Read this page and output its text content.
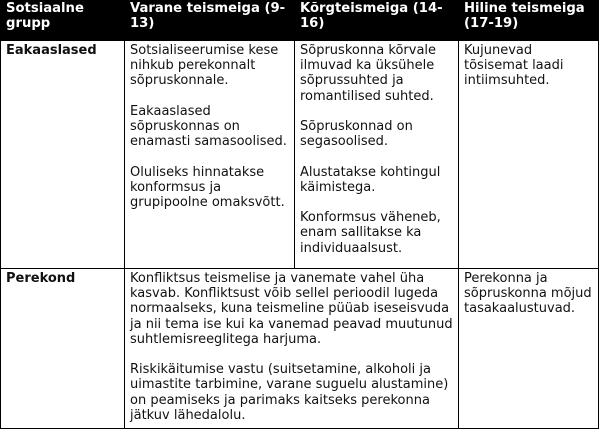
Sotsiaalne grupp
Varane teismeiga (9-13)
Kõrgteismeiga (14-16)
Hiline teismeiga (17-19)
Eakaaslased	Sotsialiseerumise kese nihkub perekonnalt sõpruskonnale.

Eakaaslased sõpruskonnas on enamasti samasoolised.

Oluliseks hinnatakse konformsus ja grupipoolne omaksvõtt.

Sõpruskonna kõrvale ilmuvad ka üksühele sõprussuhted ja romantilised suhted.

Sõpruskonnad on segasoolised.

Alustatakse kohtingul käimistega.

Konformsus väheneb, enam sallitakse ka individuaalsust.

Kujunevad tõsisemat laadi intiimsuhted.

Perekond	Konfliktsus teismelise ja vanemate vahel üha kasvab. Konfliktsust võib sellel perioodil lugeda normaalseks, kuna teismeline püüab iseseisvuda ja nii tema ise kui ka vanemad peavad muutunud suhtlemisreeglitega harjuma.

Riskikäitumise vastu (suitsetamine, alkoholi ja uimastite tarbimine, varane suguelu alustamine) on peamiseks ja parimaks kaitseks perekonna jätkuv lähedalolu.

Perekonna ja sõpruskonna mõjud tasakaalustuvad.
